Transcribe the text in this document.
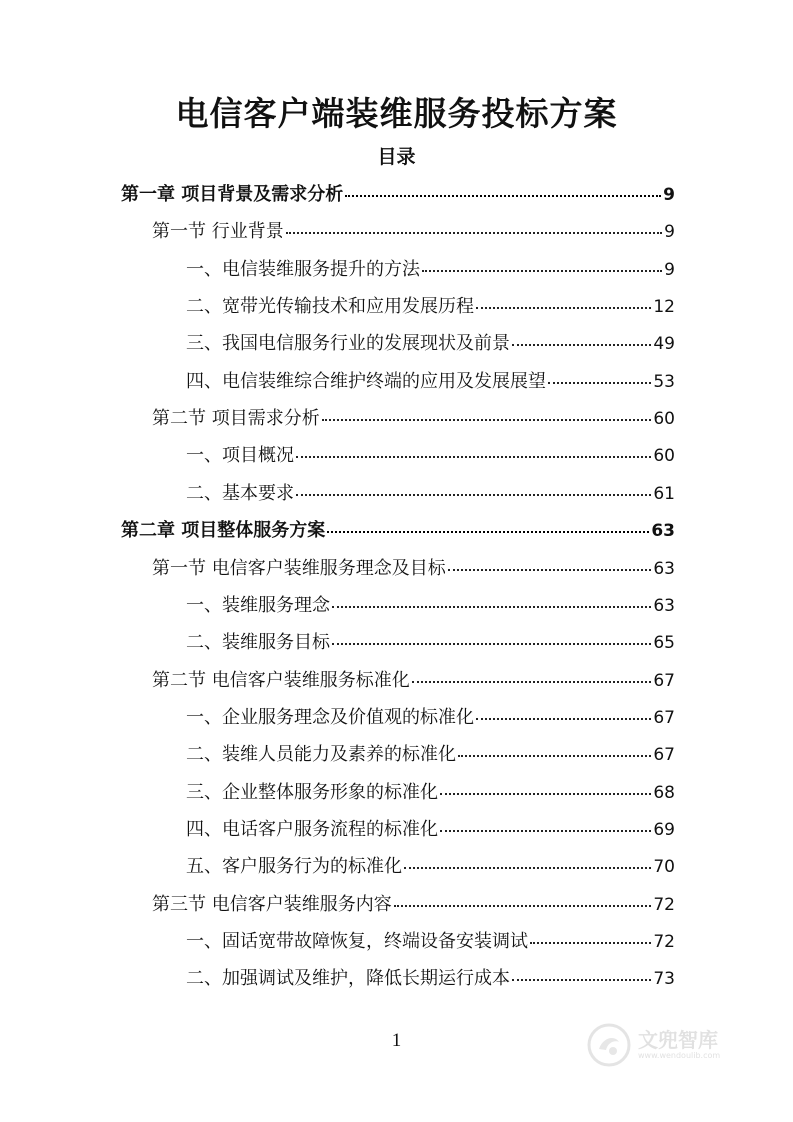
电信客户端装维服务投标方案
目录
第一章 项目背景及需求分析	9
第一节 行业背景	9
一、电信装维服务提升的方法	9
二、宽带光传输技术和应用发展历程	12
三、我国电信服务行业的发展现状及前景	49
四、电信装维综合维护终端的应用及发展展望	53
第二节 项目需求分析	60
一、项目概况	60
二、基本要求	61
第二章 项目整体服务方案	63
第一节 电信客户装维服务理念及目标	63
一、装维服务理念	63
二、装维服务目标	65
第二节 电信客户装维服务标准化	67
一、企业服务理念及价值观的标准化	67
二、装维人员能力及素养的标准化	67
三、企业整体服务形象的标准化	68
四、电话客户服务流程的标准化	69
五、客户服务行为的标准化	70
第三节 电信客户装维服务内容	72
一、固话宽带故障恢复，终端设备安装调试	72
二、加强调试及维护，降低长期运行成本	73
1	文兜智库
www.wendoulib.com
